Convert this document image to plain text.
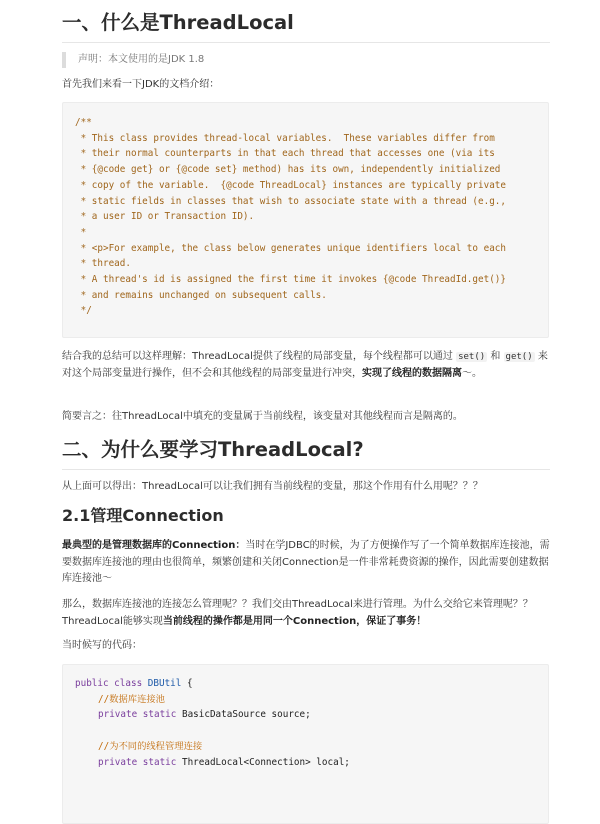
一、什么是ThreadLocal
声明：本文使用的是JDK 1.8
首先我们来看一下JDK的文档介绍：
/**
* This class provides thread-local variables.  These variables differ from
* their normal counterparts in that each thread that accesses one (via its
* {@code get} or {@code set} method) has its own, independently initialized
* copy of the variable.  {@code ThreadLocal} instances are typically private
* static fields in classes that wish to associate state with a thread (e.g.,
* a user ID or Transaction ID).
*
* <p>For example, the class below generates unique identifiers local to each
* thread.
* A thread's id is assigned the first time it invokes {@code ThreadId.get()}
* and remains unchanged on subsequent calls.
*/
结合我的总结可以这样理解：ThreadLocal提供了线程的局部变量，每个线程都可以通过 set() 和 get() 来对这个局部变量进行操作，但不会和其他线程的局部变量进行冲突，实现了线程的数据隔离～。
简要言之：往ThreadLocal中填充的变量属于当前线程，该变量对其他线程而言是隔离的。
二、为什么要学习ThreadLocal?
从上面可以得出：ThreadLocal可以让我们拥有当前线程的变量，那这个作用有什么用呢？？？
2.1管理Connection
最典型的是管理数据库的Connection：当时在学JDBC的时候，为了方便操作写了一个简单数据库连接池，需要数据库连接池的理由也很简单，频繁创建和关闭Connection是一件非常耗费资源的操作，因此需要创建数据库连接池～
那么，数据库连接池的连接怎么管理呢？？我们交由ThreadLocal来进行管理。为什么交给它来管理呢？？ThreadLocal能够实现当前线程的操作都是用同一个Connection，保证了事务！
当时候写的代码：
public class DBUtil {
//数据库连接池
private static BasicDataSource source;
//为不同的线程管理连接
private static ThreadLocal<Connection> local;
